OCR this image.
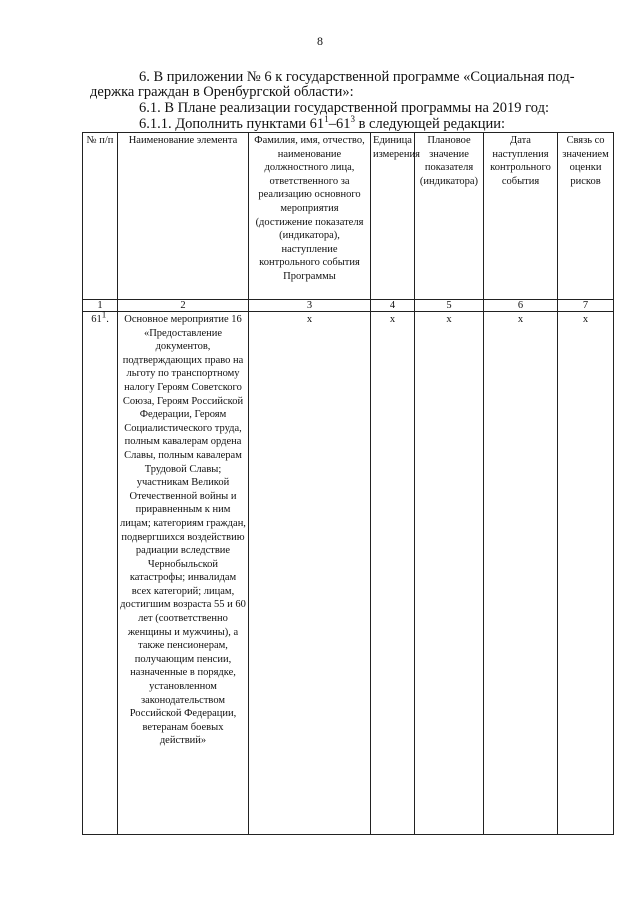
8
6. В приложении № 6 к государственной программе «Социальная под-
держка граждан в Оренбургской области»:
6.1. В Плане реализации государственной программы на 2019 год:
6.1.1. Дополнить пунктами $61^1-61^3$ в следующей редакции:
№ п/п	Наименование элемента	Фамилия, имя, отчество, наименование должностного лица, ответственного за реализацию основного мероприятия (достижение показателя (индикатора), наступление контрольного события Программы	Единица измерения	Плановое значение показателя (индикатора)	Дата наступления контрольного события	Связь со значением оценки рисков
1	2	3	4	5	6	7
611.	Основное мероприятие 16 «Предоставление документов, подтверждающих право на льготу по транспортному налогу Героям Советского Союза, Героям Российской Федерации, Героям Социалистического труда, полным кавалерам ордена Славы, полным кавалерам Трудовой Славы; участникам Великой Отечественной войны и приравненным к ним лицам; категориям граждан, подвергшихся воздействию радиации вследствие Чернобыльской катастрофы; инвалидам всех категорий; лицам, достигшим возраста 55 и 60 лет (соответственно женщины и мужчины), а также пенсионерам, получающим пенсии, назначенные в порядке, установленном законодательством Российской Федерации, ветеранам боевых действий»	x	x	x	x	x
